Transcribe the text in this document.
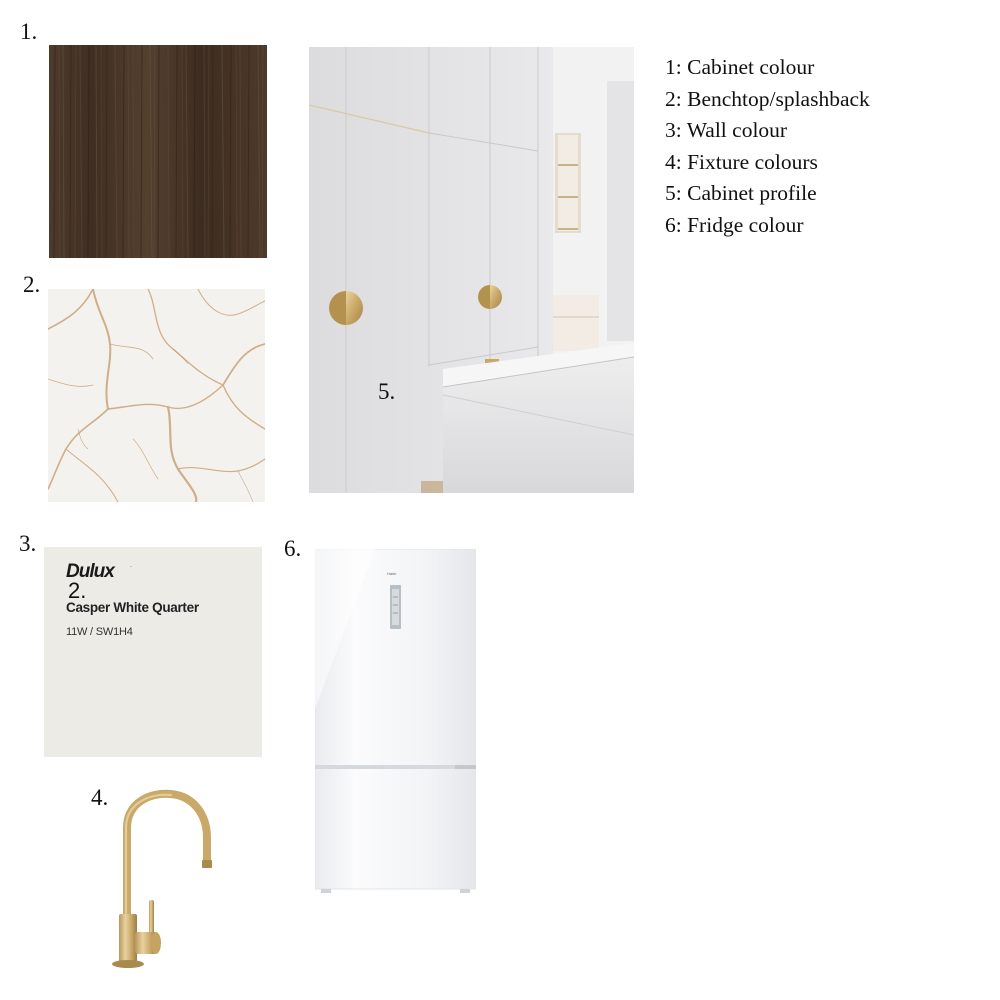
1.
2.
3.
4.
6.
5.
1: Cabinet colour
2: Benchtop/splashback
3: Wall colour
4: Fixture colours
5: Cabinet profile
6: Fridge colour
Dulux	·
Casper White Quarter
11W / SW1H4
2.
Haier
